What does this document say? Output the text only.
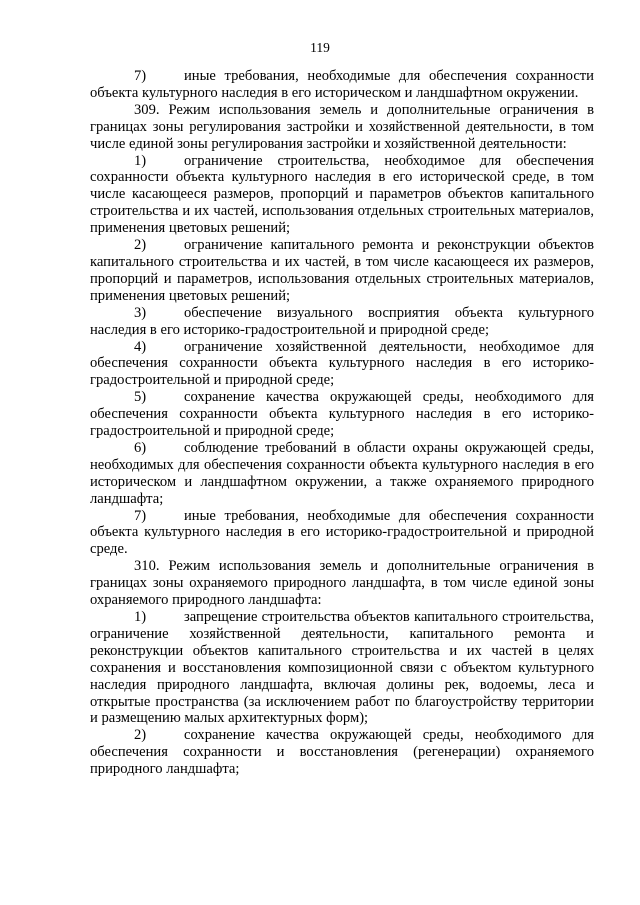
119

7)	иные требования, необходимые для обеспечения сохранности объекта культурного наследия в его историческом и ландшафтном окружении.

309. Режим использования земель и дополнительные ограничения в границах зоны регулирования застройки и хозяйственной деятельности, в том числе единой зоны регулирования застройки и хозяйственной деятельности:

1)	ограничение строительства, необходимое для обеспечения сохранности объекта культурного наследия в его исторической среде, в том числе касающееся размеров, пропорций и параметров объектов капитального строительства и их частей, использования отдельных строительных материалов, применения цветовых решений;

2)	ограничение капитального ремонта и реконструкции объектов капитального строительства и их частей, в том числе касающееся их размеров, пропорций и параметров, использования отдельных строительных материалов, применения цветовых решений;

3)	обеспечение визуального восприятия объекта культурного наследия в его историко-градостроительной и природной среде;

4)	ограничение хозяйственной деятельности, необходимое для обеспечения сохранности объекта культурного наследия в его историко-градостроительной и природной среде;

5)	сохранение качества окружающей среды, необходимого для обеспечения сохранности объекта культурного наследия в его историко-градостроительной и природной среде;

6)	соблюдение требований в области охраны окружающей среды, необходимых для обеспечения сохранности объекта культурного наследия в его историческом и ландшафтном окружении, а также охраняемого природного ландшафта;

7)	иные требования, необходимые для обеспечения сохранности объекта культурного наследия в его историко-градостроительной и природной среде.

310. Режим использования земель и дополнительные ограничения в границах зоны охраняемого природного ландшафта, в том числе единой зоны охраняемого природного ландшафта:

1)	запрещение строительства объектов капитального строительства, ограничение хозяйственной деятельности, капитального ремонта и реконструкции объектов капитального строительства и их частей в целях сохранения и восстановления композиционной связи с объектом культурного наследия природного ландшафта, включая долины рек, водоемы, леса и открытые пространства (за исключением работ по благоустройству территории и размещению малых архитектурных форм);

2)	сохранение качества окружающей среды, необходимого для обеспечения сохранности и восстановления (регенерации) охраняемого природного ландшафта;
